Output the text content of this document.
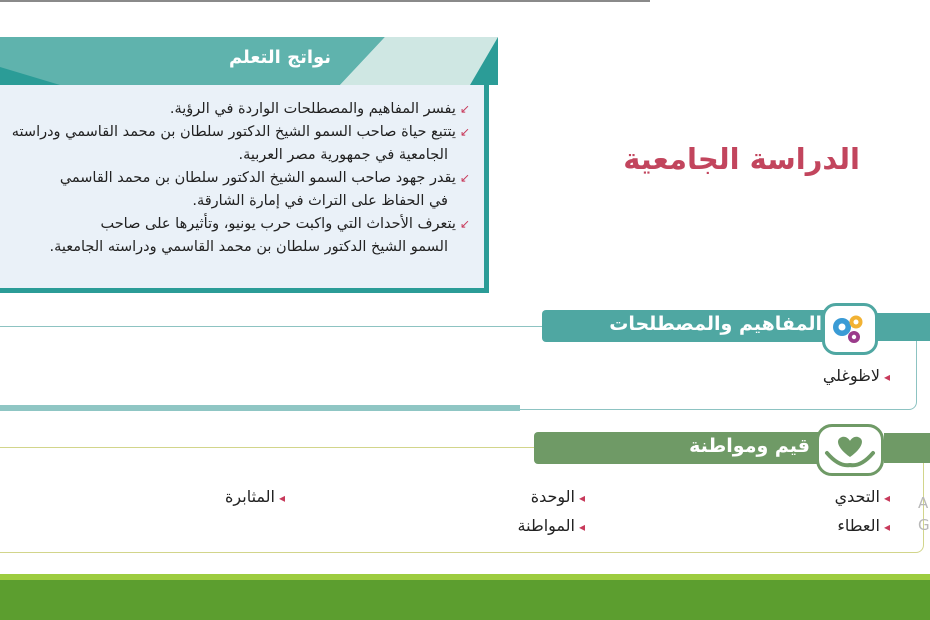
نواتج التعلم
↙يفسر المفاهيم والمصطلحات الواردة في الرؤية.
↙يتتبع حياة صاحب السمو الشيخ الدكتور سلطان بن محمد القاسمي ودراسته
الجامعية في جمهورية مصر العربية.
↙يقدر جهود صاحب السمو الشيخ الدكتور سلطان بن محمد القاسمي
في الحفاظ على التراث في إمارة الشارقة.
↙يتعرف الأحداث التي واكبت حرب يونيو، وتأثيرها على صاحب
السمو الشيخ الدكتور سلطان بن محمد القاسمي ودراسته الجامعية.
الدراسة الجامعية
المفاهيم والمصطلحات
◂لاظوغلي
قيم ومواطنة
◂التحدي
◂الوحدة
◂المثابرة
◂العطاء
◂المواطنة
A
G
